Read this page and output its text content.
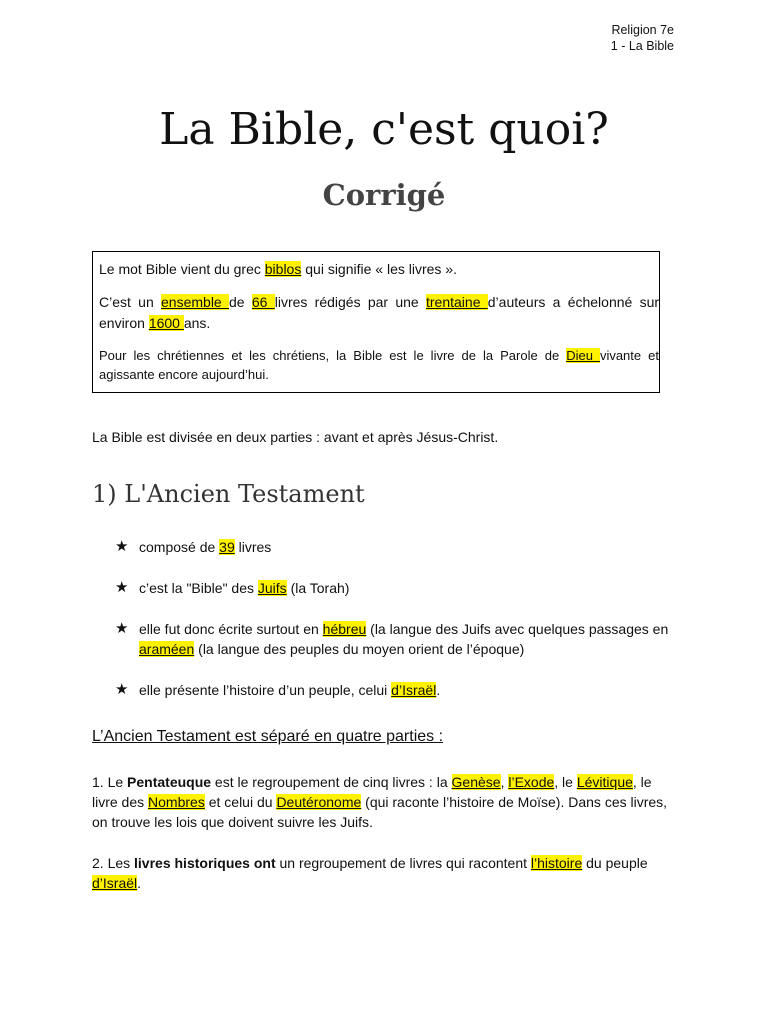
Religion 7e
1 - La Bible
La Bible, c'est quoi?
Corrigé

Le mot Bible vient du grec biblos qui signifie « les livres ».

C’est un ensemble de 66 livres rédigés par une trentaine d’auteurs a échelonné sur environ 1600 ans.

Pour les chrétiennes et les chrétiens, la Bible est le livre de la Parole de Dieu vivante et agissante encore aujourd’hui.

La Bible est divisée en deux parties : avant et après Jésus-Christ.

1) L'Ancien Testament
★ composé de 39 livres
★ c’est la "Bible" des Juifs (la Torah)
★ elle fut donc écrite surtout en hébreu (la langue des Juifs avec quelques passages en araméen (la langue des peuples du moyen orient de l’époque)
★ elle présente l’histoire d’un peuple, celui d’Israël.
L’Ancien Testament est séparé en quatre parties :

1. Le Pentateuque est le regroupement de cinq livres : la Genèse, l’Exode, le Lévitique, le livre des Nombres et celui du Deutéronome (qui raconte l’histoire de Moïse). Dans ces livres, on trouve les lois que doivent suivre les Juifs.

2. Les livres historiques ont un regroupement de livres qui racontent l’histoire du peuple d’Israël.
